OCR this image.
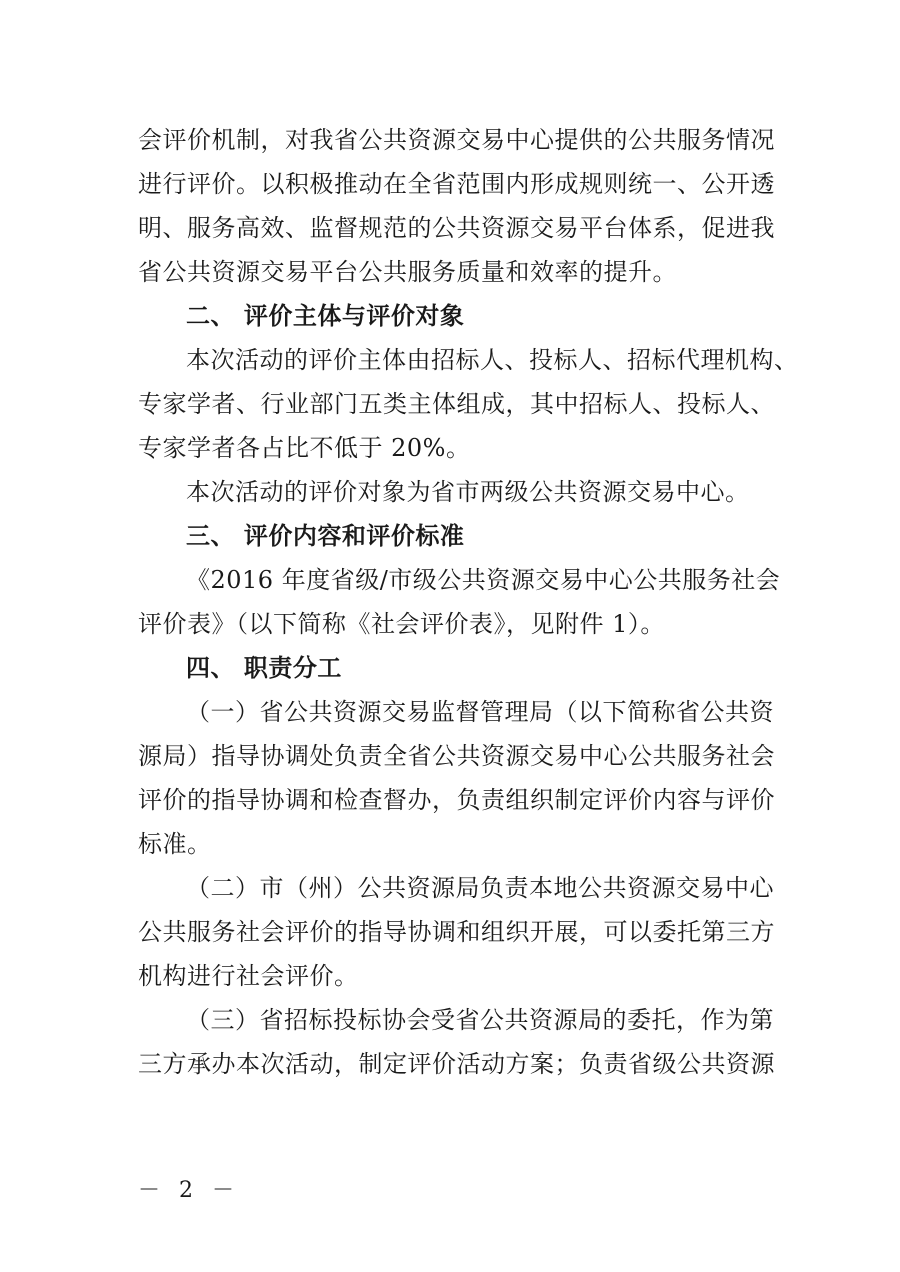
会评价机制，对我省公共资源交易中心提供的公共服务情况
进行评价。以积极推动在全省范围内形成规则统一、公开透
明、服务高效、监督规范的公共资源交易平台体系，促进我
省公共资源交易平台公共服务质量和效率的提升。
二、 评价主体与评价对象
本次活动的评价主体由招标人、投标人、招标代理机构、
专家学者、行业部门五类主体组成，其中招标人、投标人、
专家学者各占比不低于 20%。
本次活动的评价对象为省市两级公共资源交易中心。
三、 评价内容和评价标准
《2016 年度省级/市级公共资源交易中心公共服务社会
评价表》（以下简称《社会评价表》，见附件 1）。
四、 职责分工
（一）省公共资源交易监督管理局（以下简称省公共资
源局）指导协调处负责全省公共资源交易中心公共服务社会
评价的指导协调和检查督办，负责组织制定评价内容与评价
标准。
（二）市（州）公共资源局负责本地公共资源交易中心
公共服务社会评价的指导协调和组织开展，可以委托第三方
机构进行社会评价。
（三）省招标投标协会受省公共资源局的委托，作为第
三方承办本次活动，制定评价活动方案；负责省级公共资源
－ 2 －
